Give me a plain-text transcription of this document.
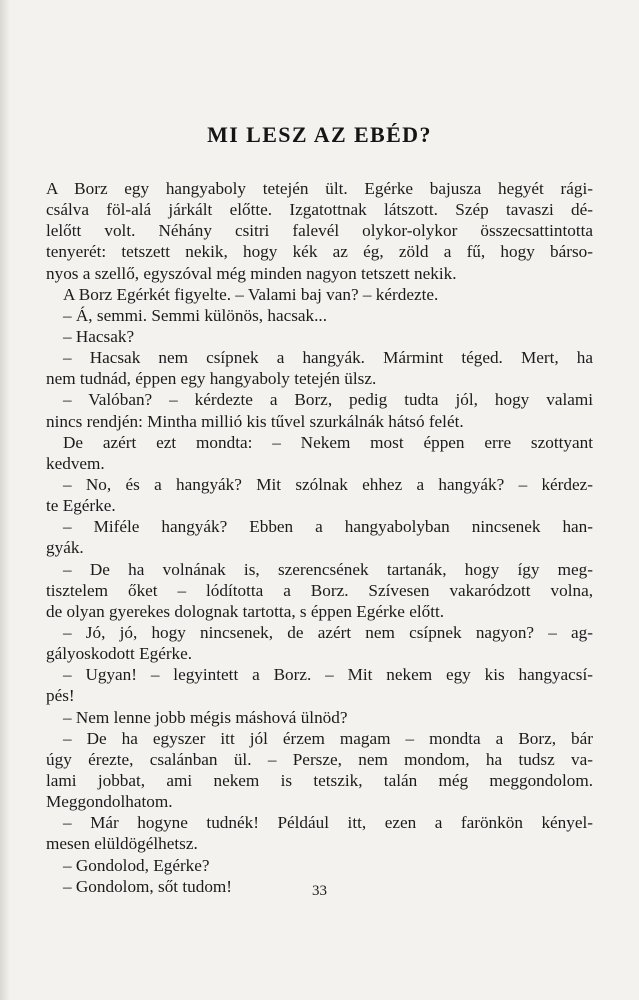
MI LESZ AZ EBÉD?
A Borz egy hangyaboly tetején ült. Egérke bajusza hegyét rági-
csálva föl-alá járkált előtte. Izgatottnak látszott. Szép tavaszi dé-
lelőtt volt. Néhány csitri falevél olykor-olykor összecsattintotta
tenyerét: tetszett nekik, hogy kék az ég, zöld a fű, hogy bárso-
nyos a szellő, egyszóval még minden nagyon tetszett nekik.
A Borz Egérkét figyelte. – Valami baj van? – kérdezte.
– Á, semmi. Semmi különös, hacsak...
– Hacsak?
– Hacsak nem csípnek a hangyák. Mármint téged. Mert, ha
nem tudnád, éppen egy hangyaboly tetején ülsz.
– Valóban? – kérdezte a Borz, pedig tudta jól, hogy valami
nincs rendjén: Mintha millió kis tűvel szurkálnák hátsó felét.
De azért ezt mondta: – Nekem most éppen erre szottyant
kedvem.
– No, és a hangyák? Mit szólnak ehhez a hangyák? – kérdez-
te Egérke.
– Miféle hangyák? Ebben a hangyabolyban nincsenek han-
gyák.
– De ha volnának is, szerencsének tartanák, hogy így meg-
tisztelem őket – lódította a Borz. Szívesen vakaródzott volna,
de olyan gyerekes dolognak tartotta, s éppen Egérke előtt.
– Jó, jó, hogy nincsenek, de azért nem csípnek nagyon? – ag-
gályoskodott Egérke.
– Ugyan! – legyintett a Borz. – Mit nekem egy kis hangyacsí-
pés!
– Nem lenne jobb mégis máshová ülnöd?
– De ha egyszer itt jól érzem magam – mondta a Borz, bár
úgy érezte, csalánban ül. – Persze, nem mondom, ha tudsz va-
lami jobbat, ami nekem is tetszik, talán még meggondolom.
Meggondolhatom.
– Már hogyne tudnék! Például itt, ezen a farönkön kényel-
mesen elüldögélhetsz.
– Gondolod, Egérke?
– Gondolom, sőt tudom!	33
